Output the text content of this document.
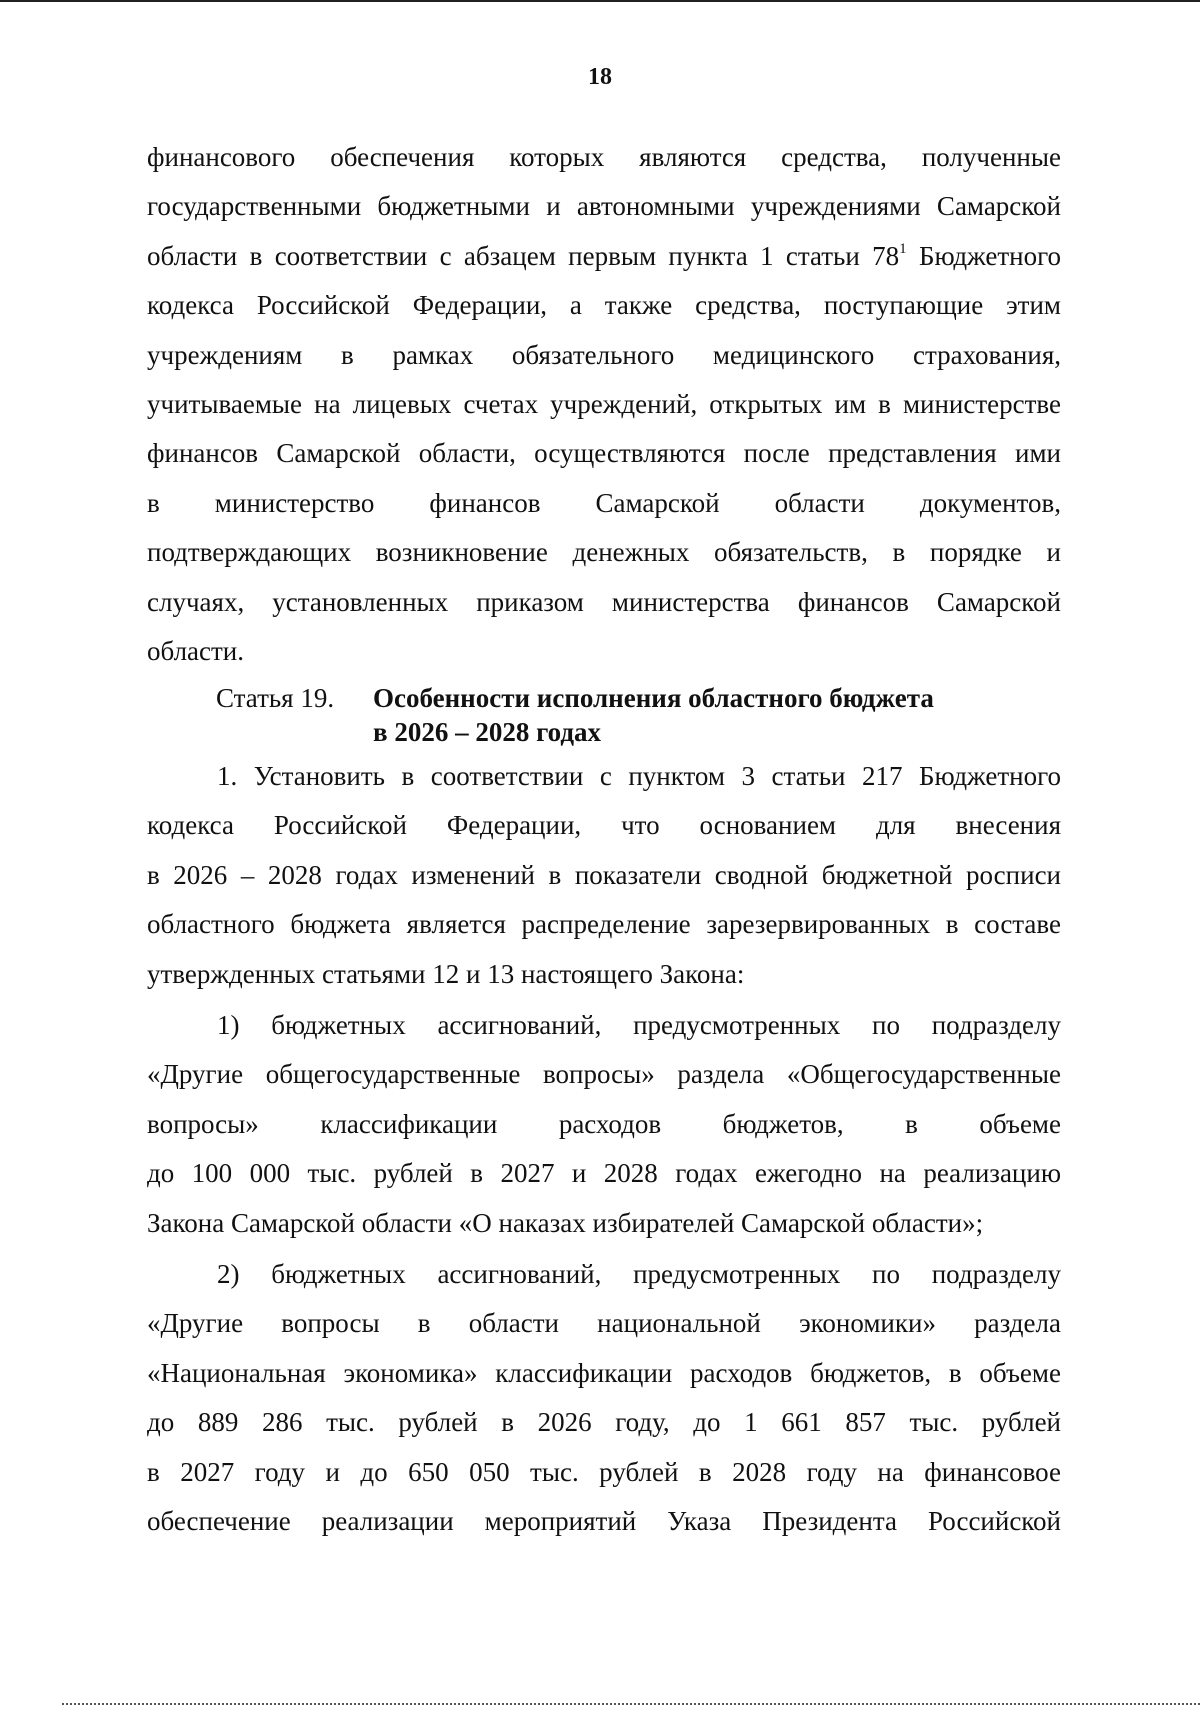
18
финансового обеспечения которых являются средства, полученные
государственными бюджетными и автономными учреждениями Самарской
области в соответствии с абзацем первым пункта 1 статьи $78^1$ Бюджетного
кодекса Российской Федерации, а также средства, поступающие этим
учреждениям в рамках обязательного медицинского страхования,
учитываемые на лицевых счетах учреждений, открытых им в министерстве
финансов Самарской области, осуществляются после представления ими
в министерство финансов Самарской области документов,
подтверждающих возникновение денежных обязательств, в порядке и
случаях, установленных приказом министерства финансов Самарской
области.
Статья 19. Особенности исполнения областного бюджета
в 2026 – 2028 годах
1. Установить в соответствии с пунктом 3 статьи 217 Бюджетного
кодекса Российской Федерации, что основанием для внесения
в 2026 – 2028 годах изменений в показатели сводной бюджетной росписи
областного бюджета является распределение зарезервированных в составе
утвержденных статьями 12 и 13 настоящего Закона:
1) бюджетных ассигнований, предусмотренных по подразделу
«Другие общегосударственные вопросы» раздела «Общегосударственные
вопросы» классификации расходов бюджетов, в объеме
до 100 000 тыс. рублей в 2027 и 2028 годах ежегодно на реализацию
Закона Самарской области «О наказах избирателей Самарской области»;
2) бюджетных ассигнований, предусмотренных по подразделу
«Другие вопросы в области национальной экономики» раздела
«Национальная экономика» классификации расходов бюджетов, в объеме
до 889 286 тыс. рублей в 2026 году, до 1 661 857 тыс. рублей
в 2027 году и до 650 050 тыс. рублей в 2028 году на финансовое
обеспечение реализации мероприятий Указа Президента Российской
